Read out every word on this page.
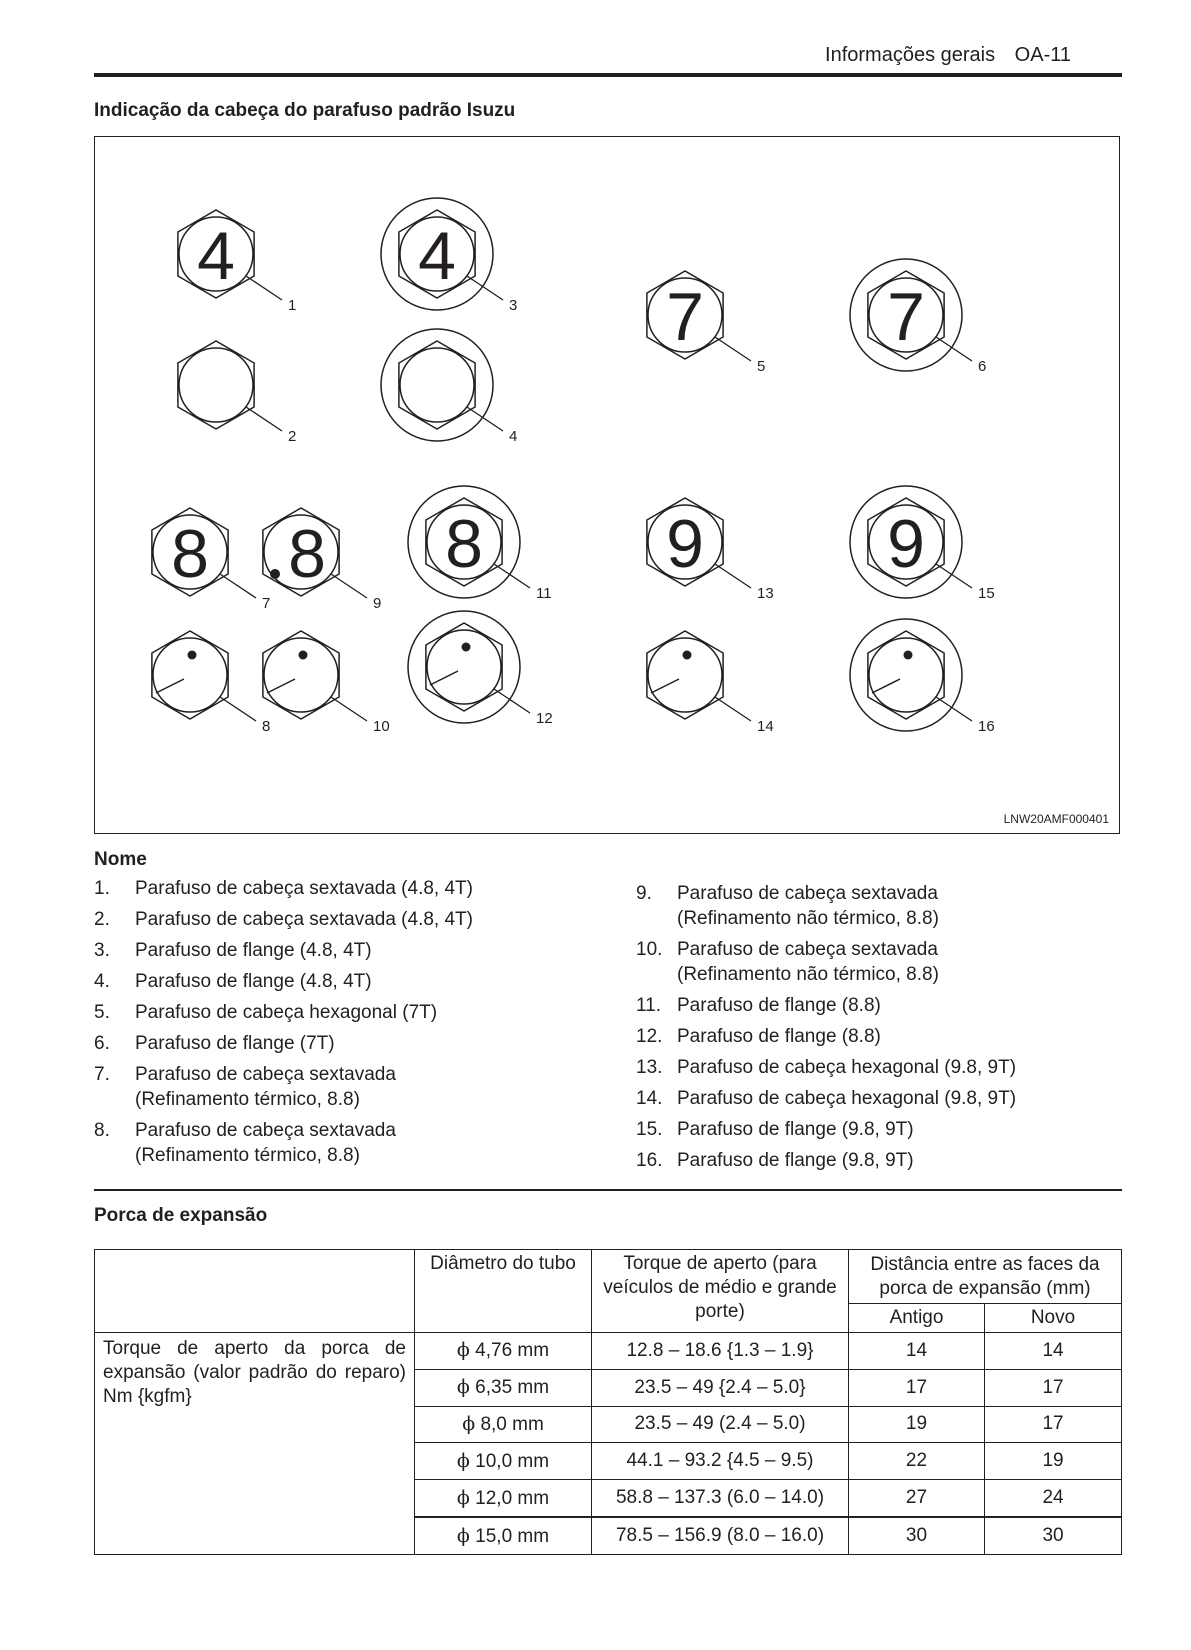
Informações gerais OA-11
Indicação da cabeça do parafuso padrão Isuzu
4
1
2
4
3
4
7
5
7
6
8
7
8
9
8
11
8	10	12
9
13
9
15
14	16
LNW20AMF000401
Nome
1.	Parafuso de cabeça sextavada (4.8, 4T)
2.	Parafuso de cabeça sextavada (4.8, 4T)
3.	Parafuso de flange (4.8, 4T)
4.	Parafuso de flange (4.8, 4T)
5.	Parafuso de cabeça hexagonal (7T)
6.	Parafuso de flange (7T)
7.	Parafuso de cabeça sextavada (Refinamento térmico, 8.8)
8.	Parafuso de cabeça sextavada (Refinamento térmico, 8.8)
9.	Parafuso de cabeça sextavada (Refinamento não térmico, 8.8)
10. Parafuso de cabeça sextavada (Refinamento não térmico, 8.8)
11. Parafuso de flange (8.8)
12. Parafuso de flange (8.8)
13. Parafuso de cabeça hexagonal (9.8, 9T)
14. Parafuso de cabeça hexagonal (9.8, 9T)
15. Parafuso de flange (9.8, 9T)
16. Parafuso de flange (9.8, 9T)
Porca de expansão
	Diâmetro do tubo	Torque de aperto (para veículos de médio e grande porte)	Distância entre as faces da porca de expansão (mm)	
			Antigo	Novo
Torque de aperto da porca de expansão (valor padrão do reparo) Nm {kgfm}	ϕ 4,76 mm	12.8 – 18.6 {1.3 – 1.9}	14	14
	ϕ 6,35 mm	23.5 – 49 {2.4 – 5.0}	17	17
	ϕ 8,0 mm	23.5 – 49 (2.4 – 5.0)	19	17
	ϕ 10,0 mm	44.1 – 93.2 {4.5 – 9.5)	22	19
	ϕ 12,0 mm	58.8 – 137.3 (6.0 – 14.0)	27	24
	ϕ 15,0 mm	78.5 – 156.9 (8.0 – 16.0)	30	30
